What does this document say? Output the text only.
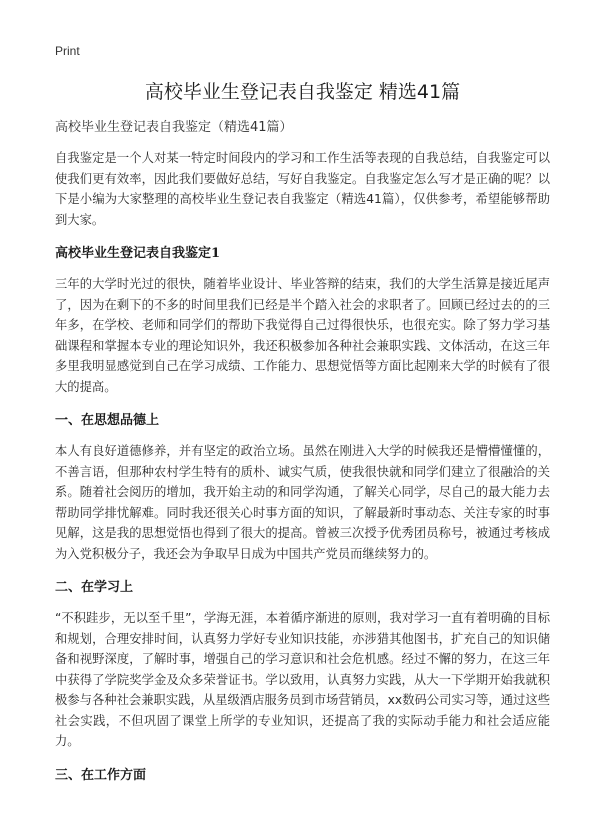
Print
高校毕业生登记表自我鉴定 精选41篇
高校毕业生登记表自我鉴定（精选41篇）

自我鉴定是一个人对某一特定时间段内的学习和工作生活等表现的自我总结，自我鉴定可以使我们更有效率，因此我们要做好总结，写好自我鉴定。自我鉴定怎么写才是正确的呢？以下是小编为大家整理的高校毕业生登记表自我鉴定（精选41篇），仅供参考，希望能够帮助到大家。

高校毕业生登记表自我鉴定1

三年的大学时光过的很快，随着毕业设计、毕业答辩的结束，我们的大学生活算是接近尾声了，因为在剩下的不多的时间里我们已经是半个踏入社会的求职者了。回顾已经过去的的三年多，在学校、老师和同学们的帮助下我觉得自己过得很快乐，也很充实。除了努力学习基础课程和掌握本专业的理论知识外，我还积极参加各种社会兼职实践、文体活动，在这三年多里我明显感觉到自己在学习成绩、工作能力、思想觉悟等方面比起刚来大学的时候有了很大的提高。

一、在思想品德上

本人有良好道德修养，并有坚定的政治立场。虽然在刚进入大学的时候我还是懵懵懂懂的，不善言语，但那种农村学生特有的质朴、诚实气质，使我很快就和同学们建立了很融洽的关系。随着社会阅历的增加，我开始主动的和同学沟通，了解关心同学，尽自己的最大能力去帮助同学排忧解难。同时我还很关心时事方面的知识，了解最新时事动态、关注专家的时事见解，这是我的思想觉悟也得到了很大的提高。曾被三次授予优秀团员称号，被通过考核成为入党积极分子，我还会为争取早日成为中国共产党员而继续努力的。

二、在学习上

“不积跬步，无以至千里”，学海无涯，本着循序渐进的原则，我对学习一直有着明确的目标和规划，合理安排时间，认真努力学好专业知识技能，亦涉猎其他图书，扩充自己的知识储备和视野深度，了解时事，增强自己的学习意识和社会危机感。经过不懈的努力，在这三年中获得了学院奖学金及众多荣誉证书。学以致用，认真努力实践，从大一下学期开始我就积极参与各种社会兼职实践，从星级酒店服务员到市场营销员，xx数码公司实习等，通过这些社会实践，不但巩固了课堂上所学的专业知识，还提高了我的实际动手能力和社会适应能力。

三、在工作方面
